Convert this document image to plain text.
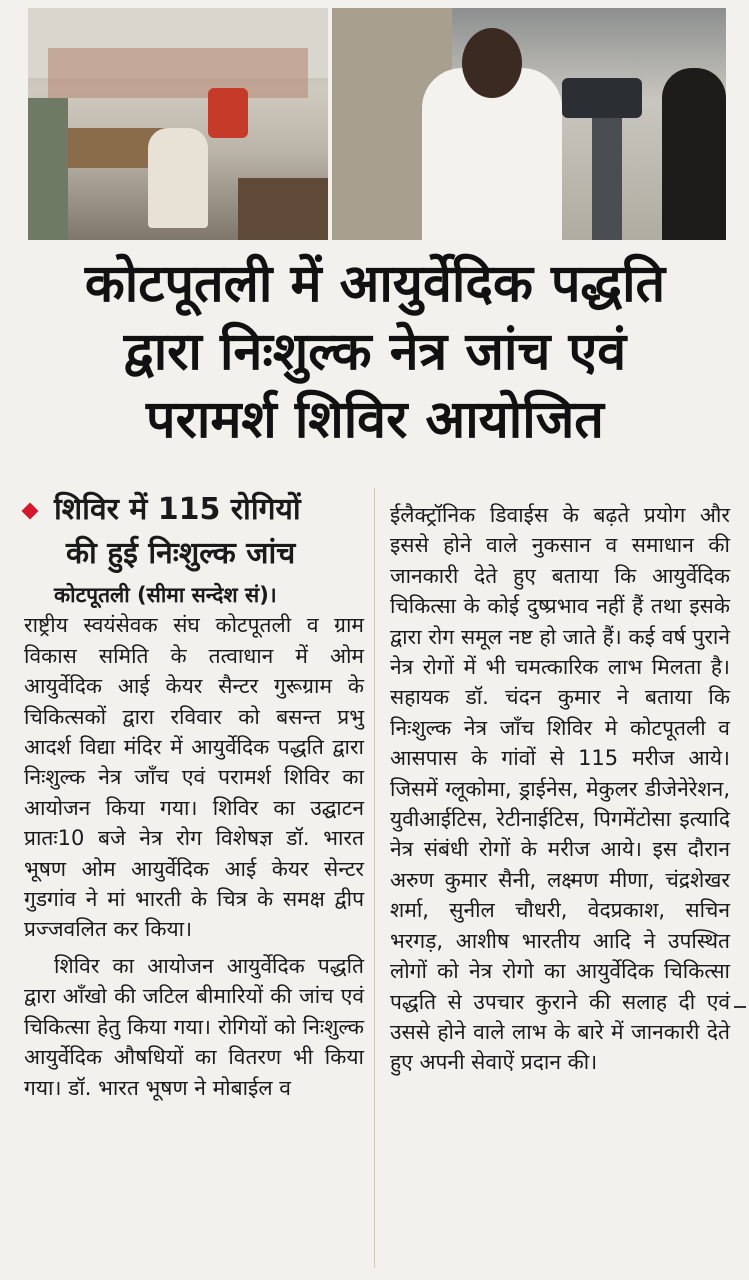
कोटपूतली में आयुर्वेदिक पद्धति
द्वारा निःशुल्क नेत्र जांच एवं
परामर्श शिविर आयोजित
शिविर में 115 रोगियों
की हुई निःशुल्क जांच
कोटपूतली (सीमा सन्देश सं)।
राष्ट्रीय स्वयंसेवक संघ कोटपूतली व ग्राम विकास समिति के तत्वाधान में ओम आयुर्वेदिक आई केयर सैन्टर गुरूग्राम के चिकित्सकों द्वारा रविवार को बसन्त प्रभु आदर्श विद्या मंदिर में आयुर्वेदिक पद्धति द्वारा निःशुल्क नेत्र जाँच एवं परामर्श शिविर का आयोजन किया गया। शिविर का उद्घाटन प्रातः10 बजे नेत्र रोग विशेषज्ञ डॉ. भारत भूषण ओम आयुर्वेदिक आई केयर सेन्टर गुडगांव ने मां भारती के चित्र के समक्ष द्वीप प्रज्जवलित कर किया।
शिविर का आयोजन आयुर्वेदिक पद्धति द्वारा आँखो की जटिल बीमारियों की जांच एवं चिकित्सा हेतु किया गया। रोगियों को निःशुल्क आयुर्वेदिक औषधियों का वितरण भी किया गया। डॉ. भारत भूषण ने मोबाईल व
ईलैक्ट्रॉनिक डिवाईस के बढ़ते प्रयोग और इससे होने वाले नुकसान व समाधान की जानकारी देते हुए बताया कि आयुर्वेदिक चिकित्सा के कोई दुष्प्रभाव नहीं हैं तथा इसके द्वारा रोग समूल नष्ट हो जाते हैं। कई वर्ष पुराने नेत्र रोगों में भी चमत्कारिक लाभ मिलता है।सहायक डॉ. चंदन कुमार ने बताया कि निःशुल्क नेत्र जाँच शिविर मे कोटपूतली व आसपास के गांवों से 115 मरीज आये। जिसमें ग्लूकोमा, ड्राईनेस, मेकुलर डीजेनेरेशन, युवीआईटिस, रेटीनाईटिस, पिगमेंटोसा इत्यादि नेत्र संबंधी रोगों के मरीज आये। इस दौरान अरुण कुमार सैनी, लक्ष्मण मीणा, चंद्रशेखर शर्मा, सुनील चौधरी, वेदप्रकाश, सचिन भरगड़, आशीष भारतीय आदि ने उपस्थित लोगों को नेत्र रोगो का आयुर्वेदिक चिकित्सा पद्धति से उपचार कुराने की सलाह दी एवं उससे होने वाले लाभ के बारे में जानकारी देते हुए अपनी सेवाऐं प्रदान की।
